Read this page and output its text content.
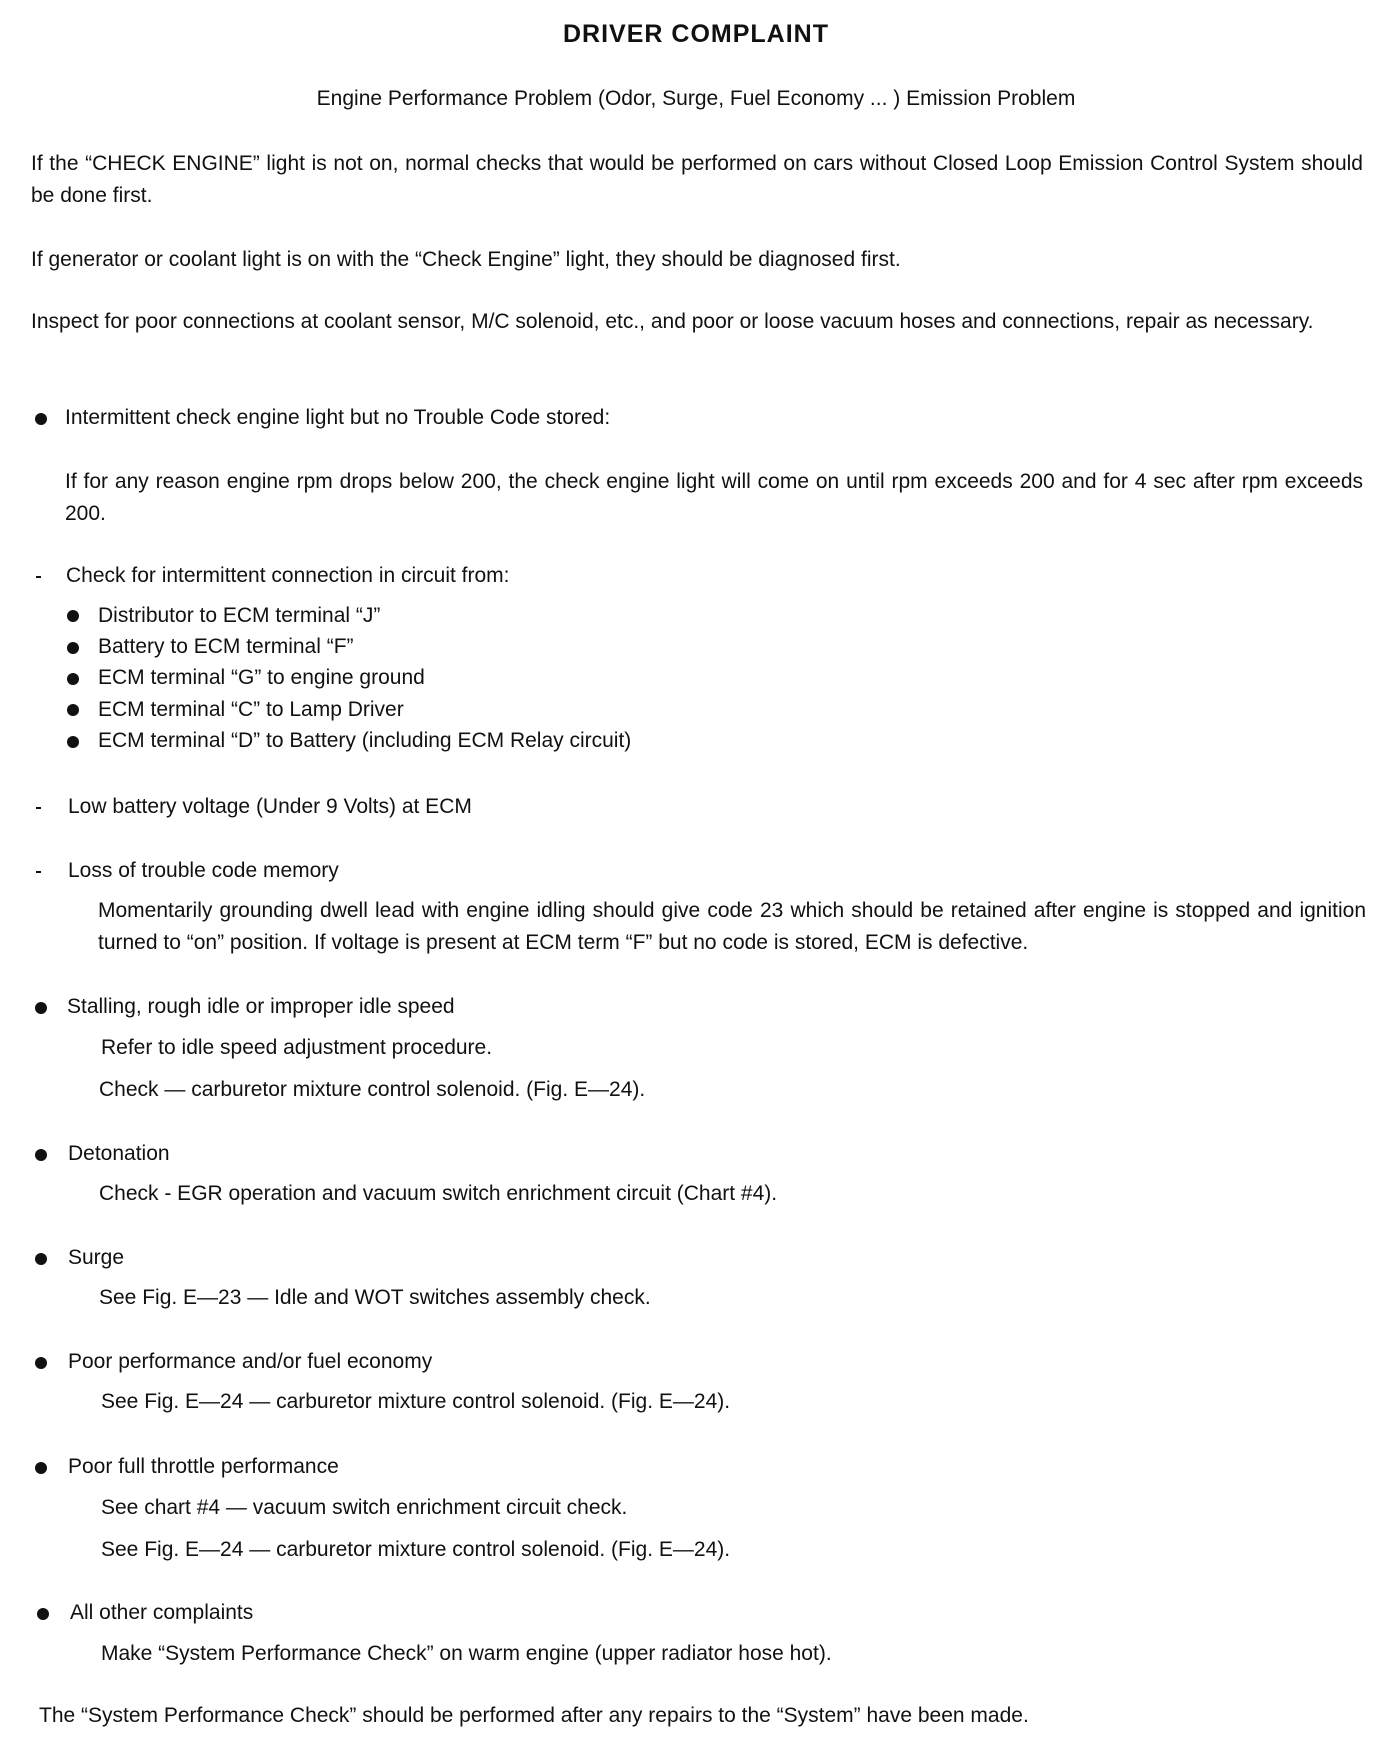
DRIVER COMPLAINT
Engine Performance Problem (Odor, Surge, Fuel Economy ... ) Emission Problem

If the “CHECK ENGINE” light is not on, normal checks that would be performed on cars without Closed Loop Emission Control System should be done first.

If generator or coolant light is on with the “Check Engine” light, they should be diagnosed first.

Inspect for poor connections at coolant sensor, M/C solenoid, etc., and poor or loose vacuum hoses and connections, repair as necessary.

Intermittent check engine light but no Trouble Code stored:

If for any reason engine rpm drops below 200, the check engine light will come on until rpm exceeds 200 and for 4 sec after rpm exceeds 200.

Check for intermittent connection in circuit from:

Distributor to ECM terminal “J”

Battery to ECM terminal “F”

ECM terminal “G” to engine ground

ECM terminal “C” to Lamp Driver

ECM terminal “D” to Battery (including ECM Relay circuit)

Low battery voltage (Under 9 Volts) at ECM

Loss of trouble code memory

Momentarily grounding dwell lead with engine idling should give code 23 which should be retained after engine is stopped and ignition turned to “on” position. If voltage is present at ECM term “F” but no code is stored, ECM is defective.

Stalling, rough idle or improper idle speed

Refer to idle speed adjustment procedure.

Check — carburetor mixture control solenoid. (Fig. E—24).

Detonation

Check - EGR operation and vacuum switch enrichment circuit (Chart #4).

Surge

See Fig. E—23 — Idle and WOT switches assembly check.

Poor performance and/or fuel economy

See Fig. E—24 — carburetor mixture control solenoid. (Fig. E—24).

Poor full throttle performance

See chart #4 — vacuum switch enrichment circuit check.

See Fig. E—24 — carburetor mixture control solenoid. (Fig. E—24).

All other complaints

Make “System Performance Check” on warm engine (upper radiator hose hot).

The “System Performance Check” should be performed after any repairs to the “System” have been made.
